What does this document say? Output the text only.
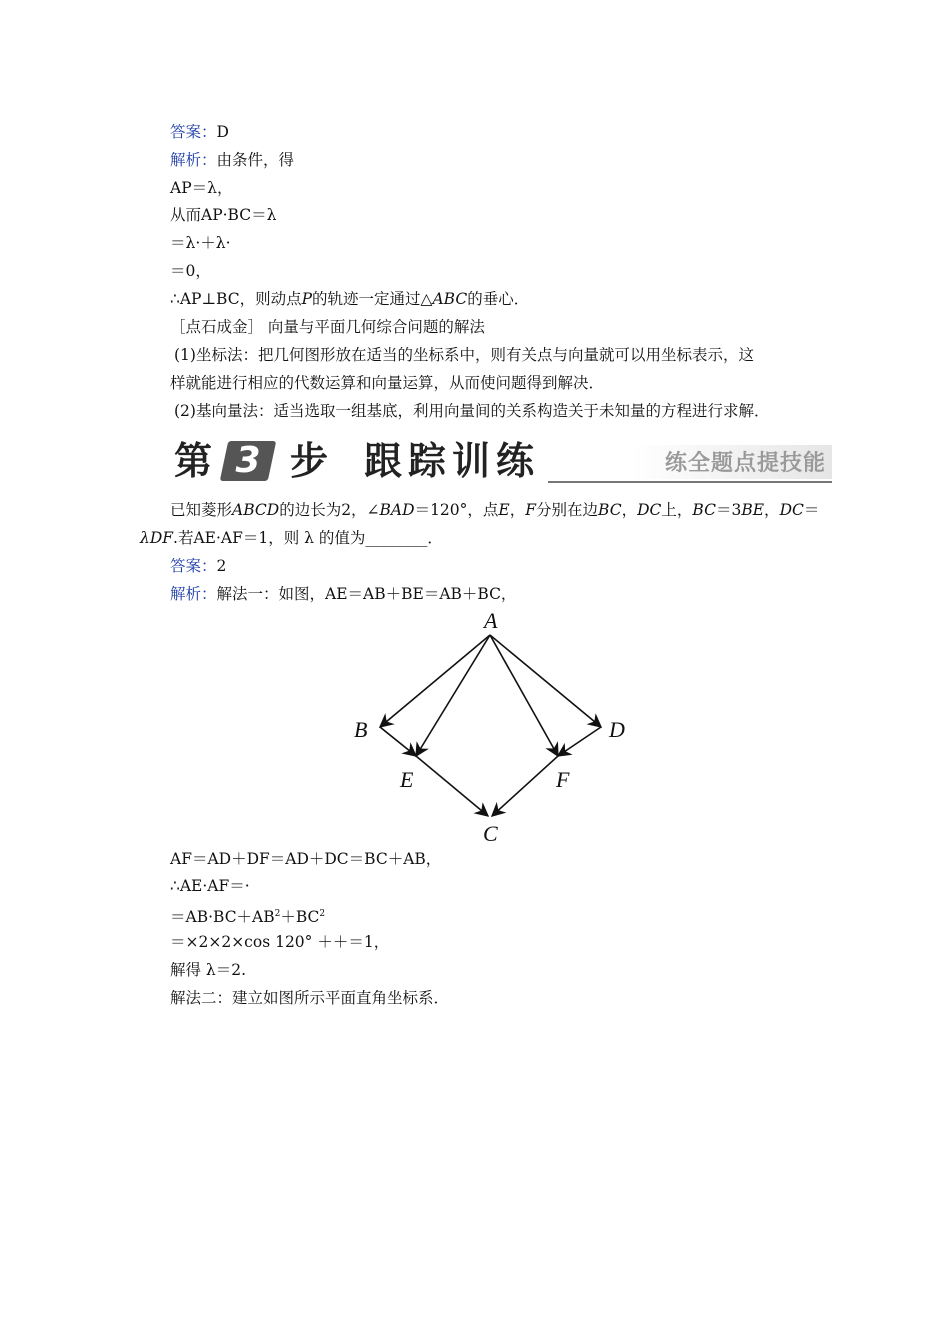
答案：D
解析：由条件，得
AP＝λ，
从而AP·BC＝λ
＝λ·＋λ·
＝0，
∴AP⊥BC，则动点P的轨迹一定通过△ABC的垂心．
［点石成金］ 向量与平面几何综合问题的解法
(1)坐标法：把几何图形放在适当的坐标系中，则有关点与向量就可以用坐标表示，这
样就能进行相应的代数运算和向量运算，从而使问题得到解决．
(2)基向量法：适当选取一组基底，利用向量间的关系构造关于未知量的方程进行求解．
第 3 步 跟踪训练	练全题点提技能
已知菱形ABCD的边长为2，∠BAD＝120°，点E，F分别在边BC，DC上，BC＝3BE，DC＝
λDF.若AE·AF＝1，则 λ 的值为________．
答案：2
解析：解法一：如图，AE＝AB＋BE＝AB＋BC，
A
B	D
E	F
C
AF＝AD＋DF＝AD＋DC＝BC＋AB，
∴AE·AF＝·
$=AB\cdot BC+AB^2+BC^2$
＝×2×2×cos 120° ＋＋＝1，
解得 λ＝2.
解法二：建立如图所示平面直角坐标系．
